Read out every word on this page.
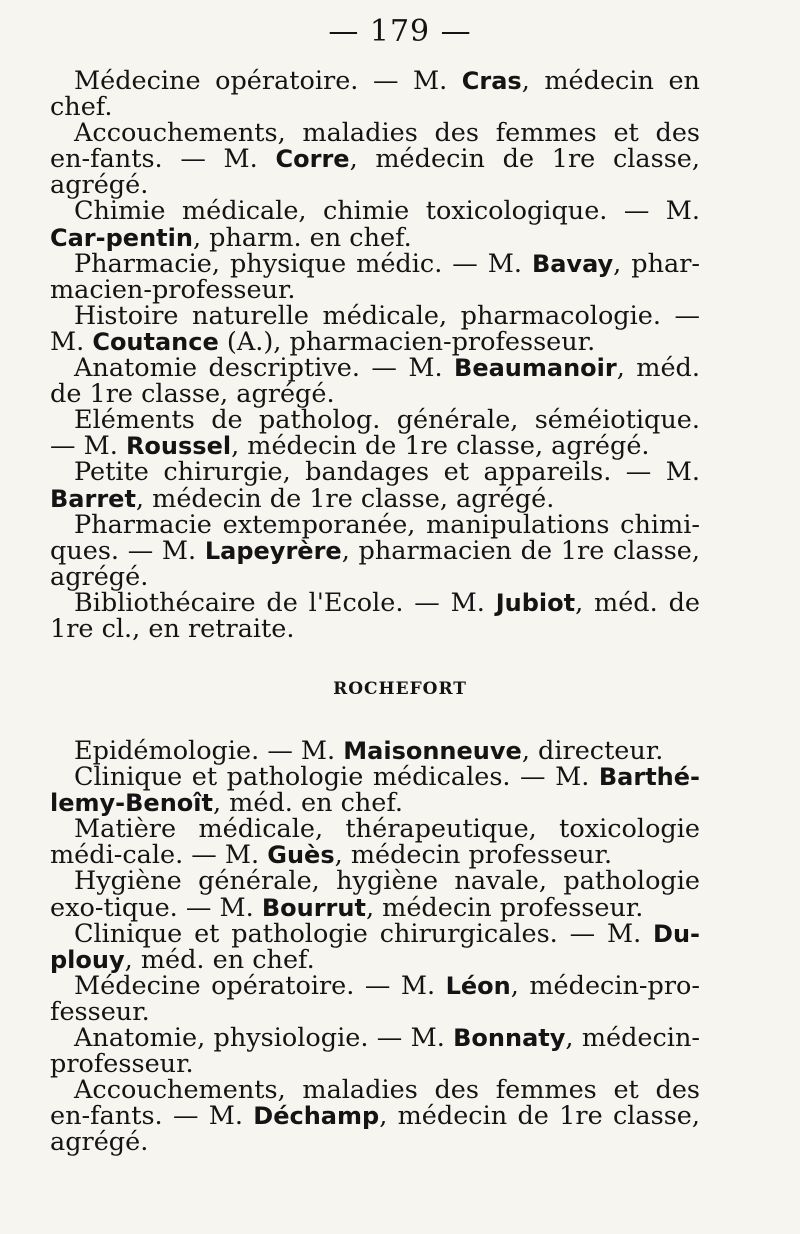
— 179 —

Médecine opératoire. — M. Cras, médecin en chef.

Accouchements, maladies des femmes et des en-fants. — M. Corre, médecin de 1re classe, agrégé.

Chimie médicale, chimie toxicologique. — M. Car-pentin, pharm. en chef.

Pharmacie, physique médic. — M. Bavay, phar-macien-professeur.

Histoire naturelle médicale, pharmacologie. — M. Coutance (A.), pharmacien-professeur.

Anatomie descriptive. — M. Beaumanoir, méd. de 1re classe, agrégé.

Eléments de patholog. générale, séméiotique. — M. Roussel, médecin de 1re classe, agrégé.

Petite chirurgie, bandages et appareils. — M. Barret, médecin de 1re classe, agrégé.

Pharmacie extemporanée, manipulations chimi-ques. — M. Lapeyrère, pharmacien de 1re classe, agrégé.

Bibliothécaire de l'Ecole. — M. Jubiot, méd. de 1re cl., en retraite.

ROCHEFORT

Epidémologie. — M. Maisonneuve, directeur.

Clinique et pathologie médicales. — M. Barthé-lemy-Benoît, méd. en chef.

Matière médicale, thérapeutique, toxicologie médi-cale. — M. Guès, médecin professeur.

Hygiène générale, hygiène navale, pathologie exo-tique. — M. Bourrut, médecin professeur.

Clinique et pathologie chirurgicales. — M. Du-plouy, méd. en chef.

Médecine opératoire. — M. Léon, médecin-pro-fesseur.

Anatomie, physiologie. — M. Bonnaty, médecin-professeur.

Accouchements, maladies des femmes et des en-fants. — M. Déchamp, médecin de 1re classe, agrégé.
